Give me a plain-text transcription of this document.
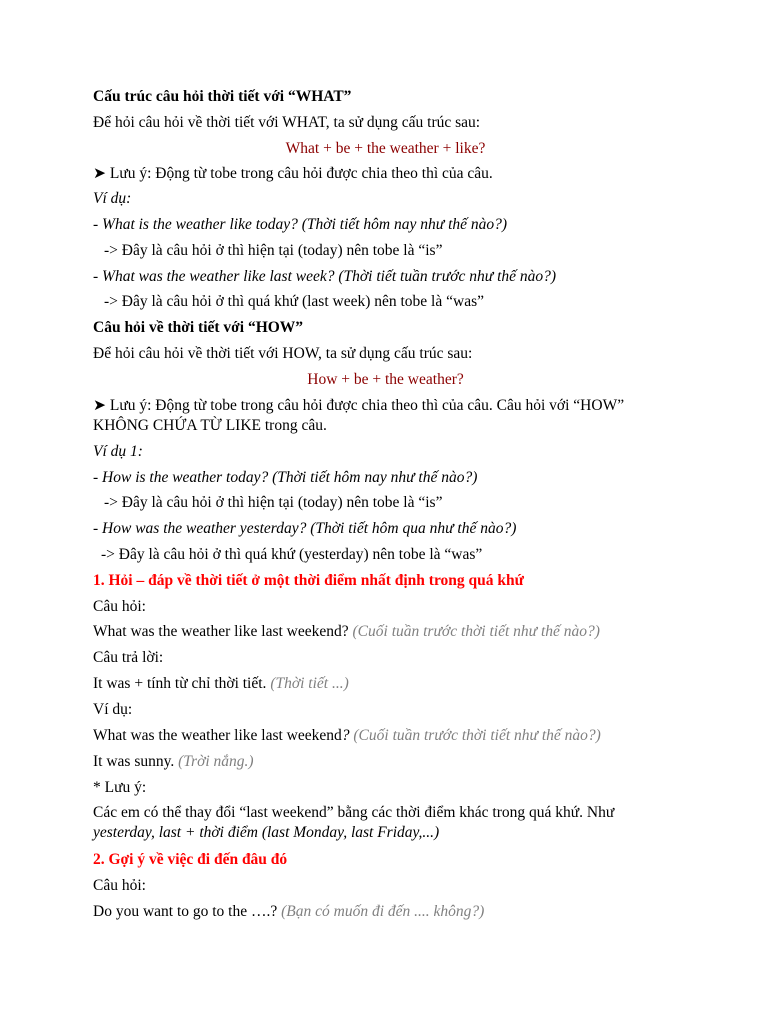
Cấu trúc câu hỏi thời tiết với “WHAT”
Để hỏi câu hỏi về thời tiết với WHAT, ta sử dụng cấu trúc sau:
What + be + the weather + like?
➤ Lưu ý: Động từ tobe trong câu hỏi được chia theo thì của câu.
Ví dụ:
- What is the weather like today? (Thời tiết hôm nay như thế nào?)
-> Đây là câu hỏi ở thì hiện tại (today) nên tobe là “is”
- What was the weather like last week? (Thời tiết tuần trước như thế nào?)
-> Đây là câu hỏi ở thì quá khứ (last week) nên tobe là “was”
Câu hỏi về thời tiết với “HOW”
Để hỏi câu hỏi về thời tiết với HOW, ta sử dụng cấu trúc sau:
How + be + the weather?
➤ Lưu ý: Động từ tobe trong câu hỏi được chia theo thì của câu. Câu hỏi với “HOW”
KHÔNG CHỨA TỪ LIKE trong câu.
Ví dụ 1:
- How is the weather today? (Thời tiết hôm nay như thế nào?)
-> Đây là câu hỏi ở thì hiện tại (today) nên tobe là “is”
- How was the weather yesterday? (Thời tiết hôm qua như thế nào?)
-> Đây là câu hỏi ở thì quá khứ (yesterday) nên tobe là “was”
1. Hỏi – đáp về thời tiết ở một thời điểm nhất định trong quá khứ
Câu hỏi:
What was the weather like last weekend? (Cuối tuần trước thời tiết như thế nào?)
Câu trả lời:
It was + tính từ chỉ thời tiết. (Thời tiết ...)
Ví dụ:
What was the weather like last weekend? (Cuối tuần trước thời tiết như thế nào?)
It was sunny. (Trời nắng.)
* Lưu ý:
Các em có thể thay đổi “last weekend” bằng các thời điểm khác trong quá khứ. Như
yesterday, last + thời điểm (last Monday, last Friday,...)
2. Gợi ý về việc đi đến đâu đó
Câu hỏi:
Do you want to go to the ….? (Bạn có muốn đi đến .... không?)
